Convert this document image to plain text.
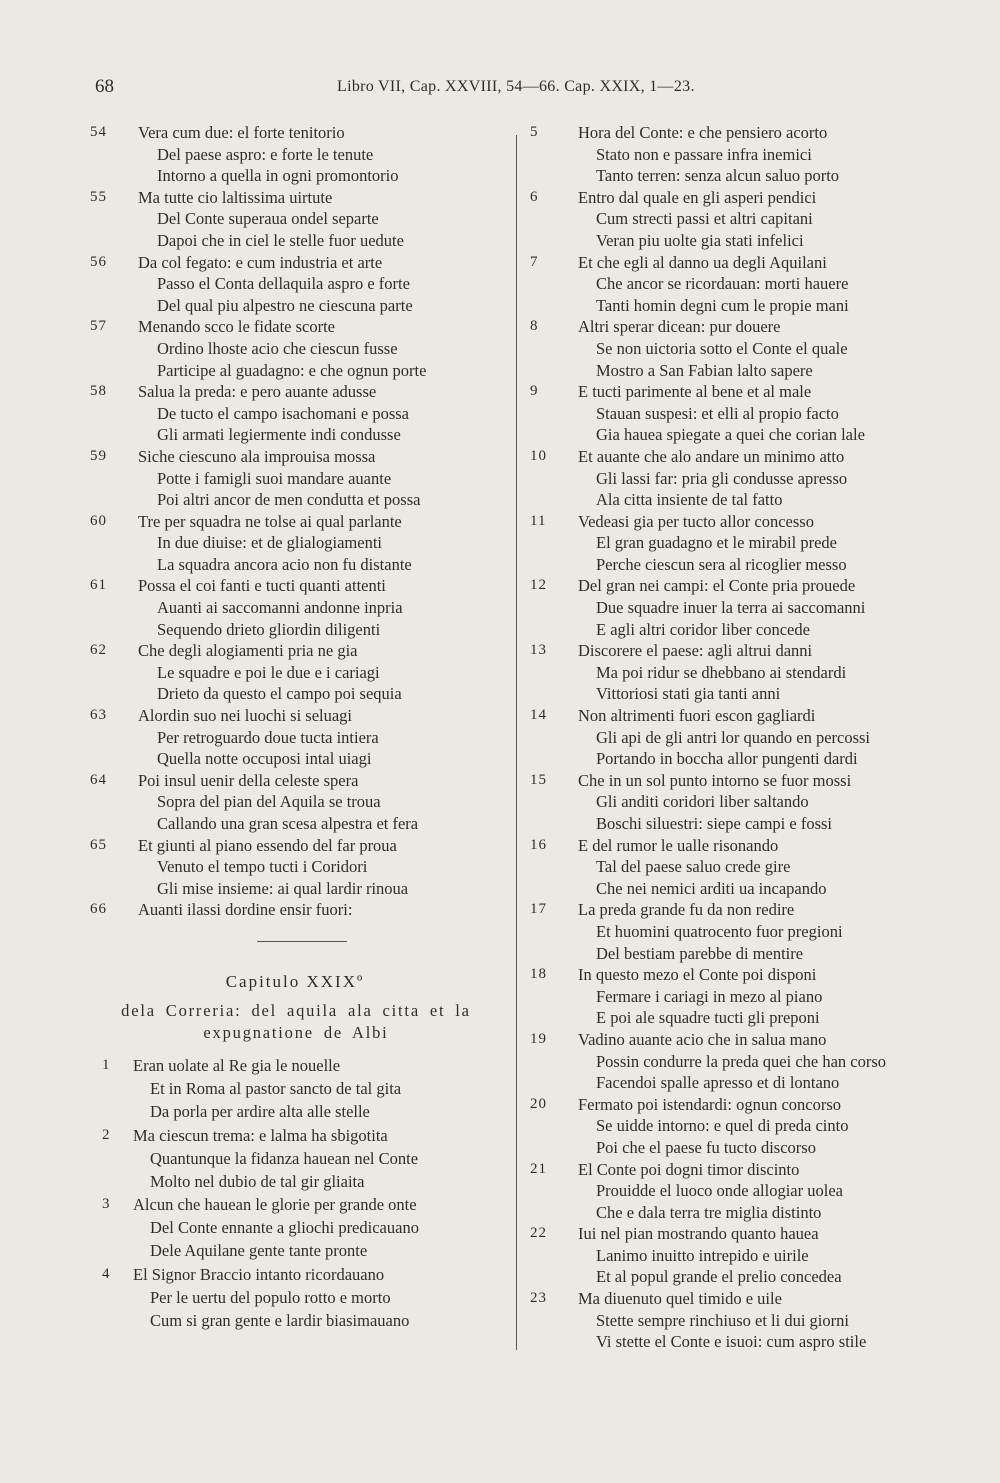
68	Libro VII, Cap. XXVIII, 54—66. Cap. XXIX, 1—23.
54	Vera cum due: el forte tenitorio
Del paese aspro: e forte le tenute
Intorno a quella in ogni promontorio
55	Ma tutte cio laltissima uirtute
Del Conte superaua ondel separte
Dapoi che in ciel le stelle fuor uedute
56	Da col fegato: e cum industria et arte
Passo el Conta dellaquila aspro e forte
Del qual piu alpestro ne ciescuna parte
57	Menando scco le fidate scorte
Ordino lhoste acio che ciescun fusse
Participe al guadagno: e che ognun porte
58	Salua la preda: e pero auante adusse
De tucto el campo isachomani e possa
Gli armati legiermente indi condusse
59	Siche ciescuno ala improuisa mossa
Potte i famigli suoi mandare auante
Poi altri ancor de men condutta et possa
60	Tre per squadra ne tolse ai qual parlante
In due diuise: et de glialogiamenti
La squadra ancora acio non fu distante
61	Possa el coi fanti e tucti quanti attenti
Auanti ai saccomanni andonne inpria
Sequendo drieto gliordin diligenti
62	Che degli alogiamenti pria ne gia
Le squadre e poi le due e i cariagi
Drieto da questo el campo poi sequia
63	Alordin suo nei luochi si seluagi
Per retroguardo doue tucta intiera
Quella notte occuposi intal uiagi
64	Poi insul uenir della celeste spera
Sopra del pian del Aquila se troua
Callando una gran scesa alpestra et fera
65	Et giunti al piano essendo del far proua
Venuto el tempo tucti i Coridori
Gli mise insieme: ai qual lardir rinoua
66	Auanti ilassi dordine ensir fuori:
Capitulo XXIXº
dela Correria: del aquila ala citta et la
expugnatione de Albi
1	Eran uolate al Re gia le nouelle
Et in Roma al pastor sancto de tal gita
Da porla per ardire alta alle stelle
2	Ma ciescun trema: e lalma ha sbigotita
Quantunque la fidanza hauean nel Conte
Molto nel dubio de tal gir gliaita
3	Alcun che hauean le glorie per grande onte
Del Conte ennante a gliochi predicauano
Dele Aquilane gente tante pronte
4	El Signor Braccio intanto ricordauano
Per le uertu del populo rotto e morto
Cum si gran gente e lardir biasimauano
5	Hora del Conte: e che pensiero acorto
Stato non e passare infra inemici
Tanto terren: senza alcun saluo porto
6	Entro dal quale en gli asperi pendici
Cum strecti passi et altri capitani
Veran piu uolte gia stati infelici
7	Et che egli al danno ua degli Aquilani
Che ancor se ricordauan: morti hauere
Tanti homin degni cum le propie mani
8	Altri sperar dicean: pur douere
Se non uictoria sotto el Conte el quale
Mostro a San Fabian lalto sapere
9	E tucti parimente al bene et al male
Stauan suspesi: et elli al propio facto
Gia hauea spiegate a quei che corian lale
10	Et auante che alo andare un minimo atto
Gli lassi far: pria gli condusse apresso
Ala citta insiente de tal fatto
11	Vedeasi gia per tucto allor concesso
El gran guadagno et le mirabil prede
Perche ciescun sera al ricoglier messo
12	Del gran nei campi: el Conte pria prouede
Due squadre inuer la terra ai saccomanni
E agli altri coridor liber concede
13	Discorere el paese: agli altrui danni
Ma poi ridur se dhebbano ai stendardi
Vittoriosi stati gia tanti anni
14	Non altrimenti fuori escon gagliardi
Gli api de gli antri lor quando en percossi
Portando in boccha allor pungenti dardi
15	Che in un sol punto intorno se fuor mossi
Gli anditi coridori liber saltando
Boschi siluestri: siepe campi e fossi
16	E del rumor le ualle risonando
Tal del paese saluo crede gire
Che nei nemici arditi ua incapando
17	La preda grande fu da non redire
Et huomini quatrocento fuor pregioni
Del bestiam parebbe di mentire
18	In questo mezo el Conte poi disponi
Fermare i cariagi in mezo al piano
E poi ale squadre tucti gli preponi
19	Vadino auante acio che in salua mano
Possin condurre la preda quei che han corso
Facendoi spalle apresso et di lontano
20	Fermato poi istendardi: ognun concorso
Se uidde intorno: e quel di preda cinto
Poi che el paese fu tucto discorso
21	El Conte poi dogni timor discinto
Prouidde el luoco onde allogiar uolea
Che e dala terra tre miglia distinto
22	Iui nel pian mostrando quanto hauea
Lanimo inuitto intrepido e uirile
Et al popul grande el prelio concedea
23	Ma diuenuto quel timido e uile
Stette sempre rinchiuso et li dui giorni
Vi stette el Conte e isuoi: cum aspro stile
